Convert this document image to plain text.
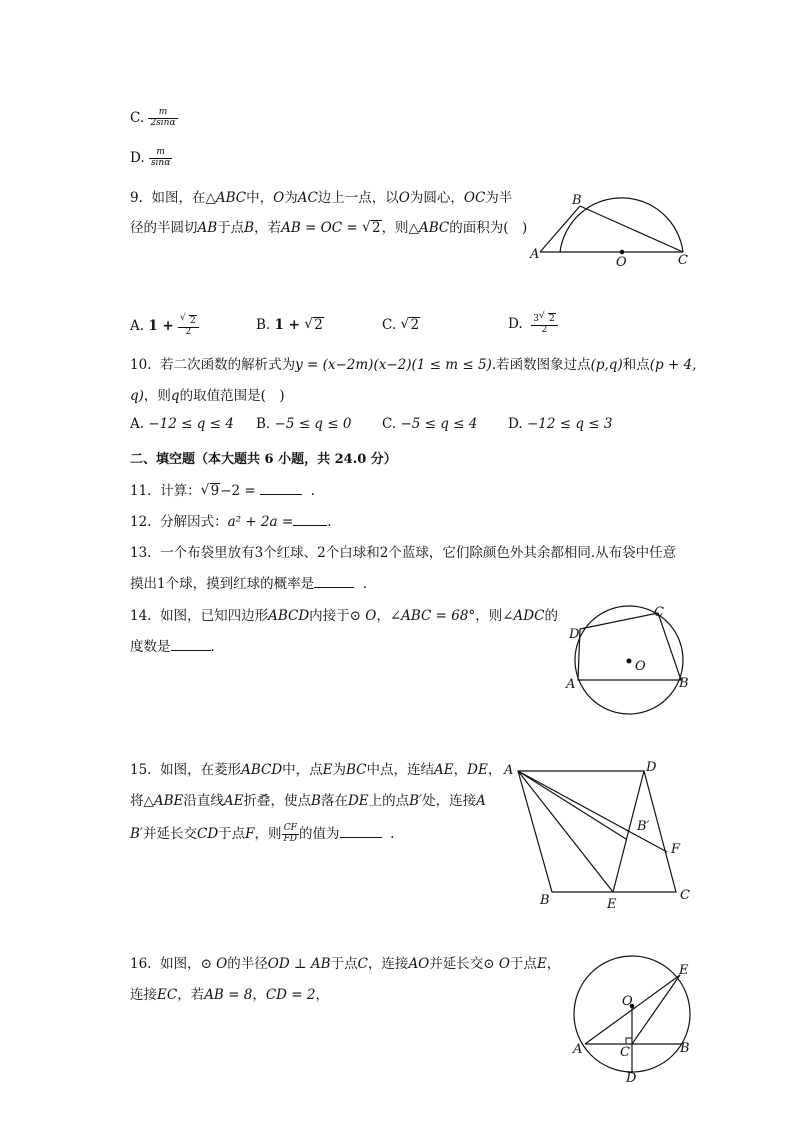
C. $\frac{m}{2\sin\alpha}$
D. $\frac{m}{\sin\alpha}$
9. 如图，在△ABC中，O为AC边上一点，以O为圆心，OC为半
径的半圆切AB于点B，若AB = OC = √ 2，则△ABC的面积为(　)
A
B
O	C
A. 1 + √ $\frac{2}{2}$	B. 1 + √ 2	C. √ 2	D. $\frac{3 √ 2}{2}$
10. 若二次函数的解析式为y = (x−2m)(x−2)(1 ≤ m ≤ 5).若函数图象过点(p,q)和点(p + 4,
q)，则q的取值范围是(　)
A. −12 ≤ q ≤ 4 B. −5 ≤ q ≤ 0 C. −5 ≤ q ≤ 4 D. −12 ≤ q ≤ 3
二、填空题（本大题共 6 小题，共 24.0 分）
11. 计算： √ 9−2 =	.
12. 分解因式：a² + 2a =	.
13. 一个布袋里放有3个红球、2个白球和2个蓝球，它们除颜色外其余都相同.从布袋中任意
摸出1个球，摸到红球的概率是	.
14. 如图，已知四边形ABCD内接于⊙ O，∠ABC = 68°，则∠ADC的
度数是	.
D
C
O
A	B
15. 如图，在菱形ABCD中，点E为BC中点，连结AE，DE，
将△ABE沿直线AE折叠，使点B落在DE上的点B′处，连接A
B′并延长交CD于点F，则 $\frac{CF}{FD}$ 的值为	.
A	D
B′
F
B	E
C
16. 如图，⊙ O的半径OD ⊥ AB于点C，连接AO并延长交⊙ O于点E，
连接EC，若AB = 8，CD = 2，	O
E
A	C	B
D
